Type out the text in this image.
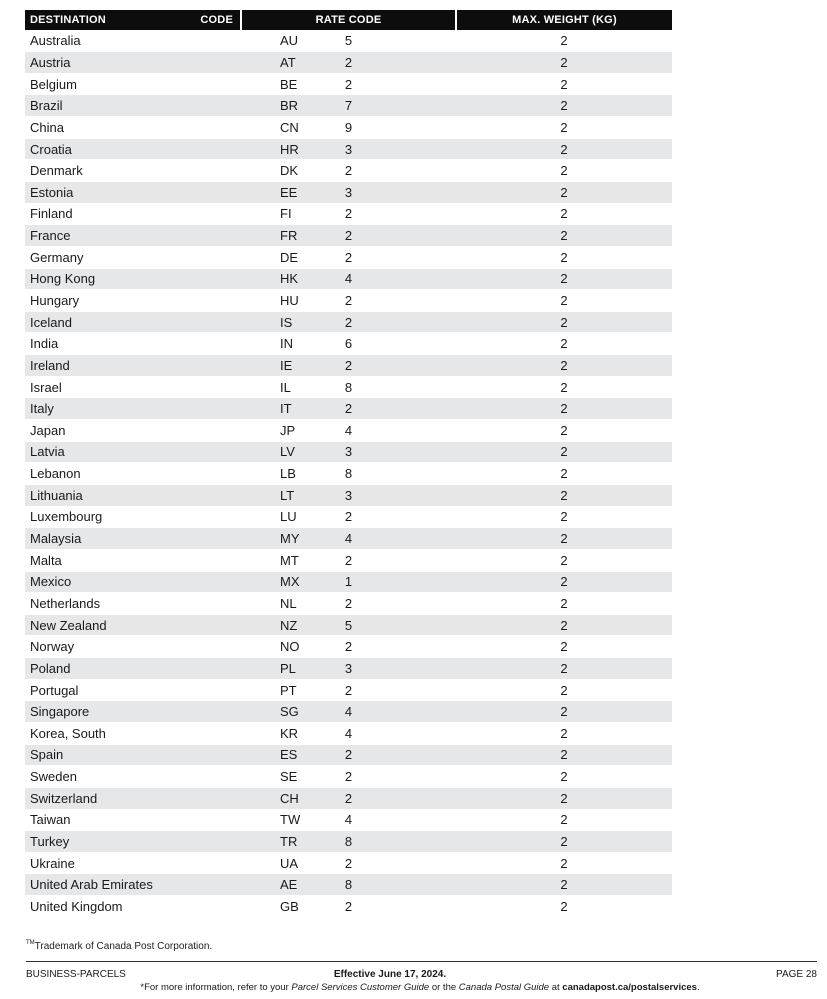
DESTINATION	CODE	RATE CODE	MAX. WEIGHT (KG)
Australia	AU	5	2
Austria	AT	2	2
Belgium	BE	2	2
Brazil	BR	7	2
China	CN	9	2
Croatia	HR	3	2
Denmark	DK	2	2
Estonia	EE	3	2
Finland	FI	2	2
France	FR	2	2
Germany	DE	2	2
Hong Kong	HK	4	2
Hungary	HU	2	2
Iceland	IS	2	2
India	IN	6	2
Ireland	IE	2	2
Israel	IL	8	2
Italy	IT	2	2
Japan	JP	4	2
Latvia	LV	3	2
Lebanon	LB	8	2
Lithuania	LT	3	2
Luxembourg	LU	2	2
Malaysia	MY	4	2
Malta	MT	2	2
Mexico	MX	1	2
Netherlands	NL	2	2
New Zealand	NZ	5	2
Norway	NO	2	2
Poland	PL	3	2
Portugal	PT	2	2
Singapore	SG	4	2
Korea, South	KR	4	2
Spain	ES	2	2
Sweden	SE	2	2
Switzerland	CH	2	2
Taiwan	TW	4	2
Turkey	TR	8	2
Ukraine	UA	2	2
United Arab Emirates	AE	8	2
United Kingdom	GB	2	2
™Trademark of Canada Post Corporation.
BUSINESS-PARCELS	Effective June 17, 2024.
*For more information, refer to your Parcel Services Customer Guide or the Canada Postal Guide at canadapost.ca/postalservices.
PAGE 28
